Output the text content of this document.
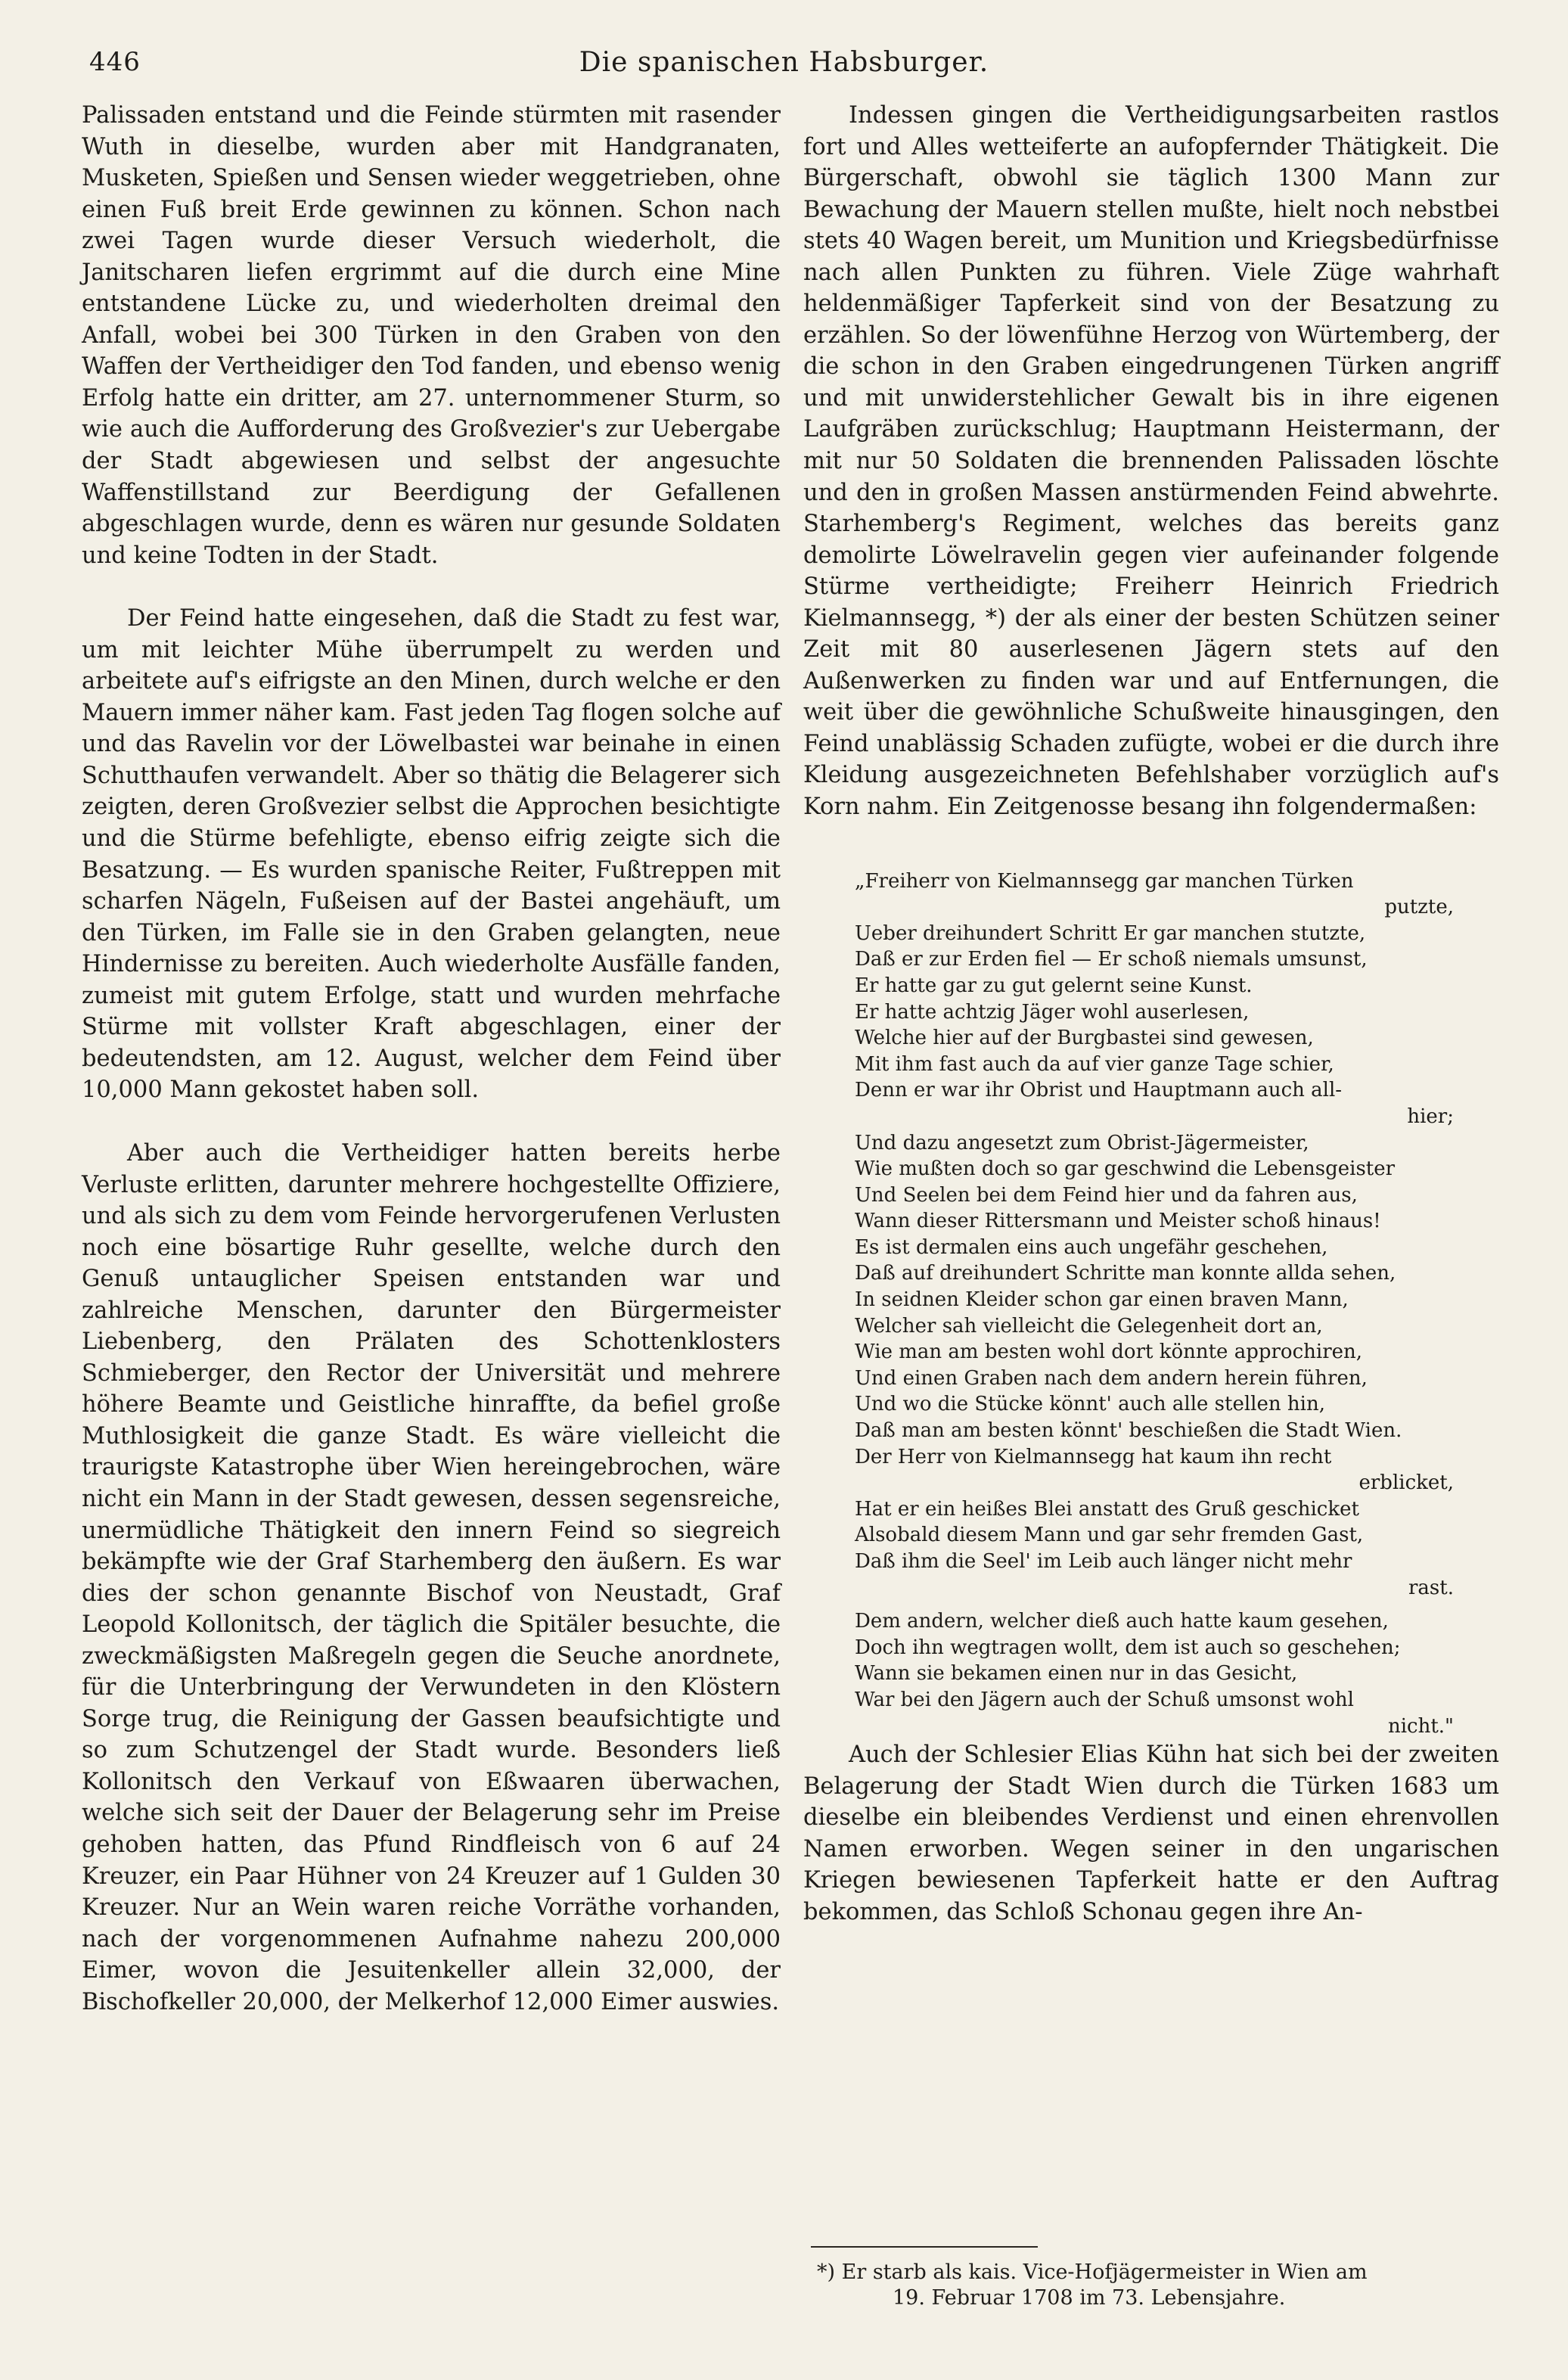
446	Die spanischen Habsburger.

Palissaden entstand und die Feinde stürmten mit rasender Wuth in dieselbe, wurden aber mit Handgranaten, Musketen, Spießen und Sensen wieder weggetrieben, ohne einen Fuß breit Erde gewinnen zu können. Schon nach zwei Tagen wurde dieser Versuch wiederholt, die Janitscharen liefen ergrimmt auf die durch eine Mine entstandene Lücke zu, und wiederholten dreimal den Anfall, wobei bei 300 Türken in den Graben von den Waffen der Vertheidiger den Tod fanden, und ebenso wenig Erfolg hatte ein dritter, am 27. unternommener Sturm, so wie auch die Aufforderung des Großvezier's zur Uebergabe der Stadt abgewiesen und selbst der angesuchte Waffenstillstand zur Beerdigung der Gefallenen abgeschlagen wurde, denn es wären nur gesunde Soldaten und keine Todten in der Stadt.

Der Feind hatte eingesehen, daß die Stadt zu fest war, um mit leichter Mühe überrumpelt zu werden und arbeitete auf's eifrigste an den Minen, durch welche er den Mauern immer näher kam. Fast jeden Tag flogen solche auf und das Ravelin vor der Löwelbastei war beinahe in einen Schutthaufen verwandelt. Aber so thätig die Belagerer sich zeigten, deren Großvezier selbst die Approchen besichtigte und die Stürme befehligte, ebenso eifrig zeigte sich die Besatzung. — Es wurden spanische Reiter, Fußtreppen mit scharfen Nägeln, Fußeisen auf der Bastei angehäuft, um den Türken, im Falle sie in den Graben gelangten, neue Hindernisse zu bereiten. Auch wiederholte Ausfälle fanden, zumeist mit gutem Erfolge, statt und wurden mehrfache Stürme mit vollster Kraft abgeschlagen, einer der bedeutendsten, am 12. August, welcher dem Feind über 10,000 Mann gekostet haben soll.

Aber auch die Vertheidiger hatten bereits herbe Verluste erlitten, darunter mehrere hochgestellte Offiziere, und als sich zu dem vom Feinde hervorgerufenen Verlusten noch eine bösartige Ruhr gesellte, welche durch den Genuß untauglicher Speisen entstanden war und zahlreiche Menschen, darunter den Bürgermeister Liebenberg, den Prälaten des Schottenklosters Schmieberger, den Rector der Universität und mehrere höhere Beamte und Geistliche hinraffte, da befiel große Muthlosigkeit die ganze Stadt. Es wäre vielleicht die traurigste Katastrophe über Wien hereingebrochen, wäre nicht ein Mann in der Stadt gewesen, dessen segensreiche, unermüdliche Thätigkeit den innern Feind so siegreich bekämpfte wie der Graf Starhemberg den äußern. Es war dies der schon genannte Bischof von Neustadt, Graf Leopold Kollonitsch, der täglich die Spitäler besuchte, die zweckmäßigsten Maßregeln gegen die Seuche anordnete, für die Unterbringung der Verwundeten in den Klöstern Sorge trug, die Reinigung der Gassen beaufsichtigte und so zum Schutzengel der Stadt wurde. Besonders ließ Kollonitsch den Verkauf von Eßwaaren überwachen, welche sich seit der Dauer der Belagerung sehr im Preise gehoben hatten, das Pfund Rindfleisch von 6 auf 24 Kreuzer, ein Paar Hühner von 24 Kreuzer auf 1 Gulden 30 Kreuzer. Nur an Wein waren reiche Vorräthe vorhanden, nach der vorgenommenen Aufnahme nahezu 200,000 Eimer, wovon die Jesuitenkeller allein 32,000, der Bischofkeller 20,000, der Melkerhof 12,000 Eimer auswies.

Indessen gingen die Vertheidigungsarbeiten rastlos fort und Alles wetteiferte an aufopfernder Thätigkeit. Die Bürgerschaft, obwohl sie täglich 1300 Mann zur Bewachung der Mauern stellen mußte, hielt noch nebstbei stets 40 Wagen bereit, um Munition und Kriegsbedürfnisse nach allen Punkten zu führen. Viele Züge wahrhaft heldenmäßiger Tapferkeit sind von der Besatzung zu erzählen. So der löwenfühne Herzog von Würtemberg, der die schon in den Graben eingedrungenen Türken angriff und mit unwiderstehlicher Gewalt bis in ihre eigenen Laufgräben zurückschlug; Hauptmann Heistermann, der mit nur 50 Soldaten die brennenden Palissaden löschte und den in großen Massen anstürmenden Feind abwehrte. Starhemberg's Regiment, welches das bereits ganz demolirte Löwelravelin gegen vier aufeinander folgende Stürme vertheidigte; Freiherr Heinrich Friedrich Kielmannsegg, *) der als einer der besten Schützen seiner Zeit mit 80 auserlesenen Jägern stets auf den Außenwerken zu finden war und auf Entfernungen, die weit über die gewöhnliche Schußweite hinausgingen, den Feind unablässig Schaden zufügte, wobei er die durch ihre Kleidung ausgezeichneten Befehlshaber vorzüglich auf's Korn nahm. Ein Zeitgenosse besang ihn folgendermaßen:

„Freiherr von Kielmannsegg gar manchen Türken
putzte,
Ueber dreihundert Schritt Er gar manchen stutzte,
Daß er zur Erden fiel — Er schoß niemals umsunst,
Er hatte gar zu gut gelernt seine Kunst.
Er hatte achtzig Jäger wohl auserlesen,
Welche hier auf der Burgbastei sind gewesen,
Mit ihm fast auch da auf vier ganze Tage schier,
Denn er war ihr Obrist und Hauptmann auch all-
hier;
Und dazu angesetzt zum Obrist-Jägermeister,
Wie mußten doch so gar geschwind die Lebensgeister
Und Seelen bei dem Feind hier und da fahren aus,
Wann dieser Rittersmann und Meister schoß hinaus!
Es ist dermalen eins auch ungefähr geschehen,
Daß auf dreihundert Schritte man konnte allda sehen,
In seidnen Kleider schon gar einen braven Mann,
Welcher sah vielleicht die Gelegenheit dort an,
Wie man am besten wohl dort könnte approchiren,
Und einen Graben nach dem andern herein führen,
Und wo die Stücke könnt' auch alle stellen hin,
Daß man am besten könnt' beschießen die Stadt Wien.
Der Herr von Kielmannsegg hat kaum ihn recht
erblicket,
Hat er ein heißes Blei anstatt des Gruß geschicket
Alsobald diesem Mann und gar sehr fremden Gast,
Daß ihm die Seel' im Leib auch länger nicht mehr
rast.
Dem andern, welcher dieß auch hatte kaum gesehen,
Doch ihn wegtragen wollt, dem ist auch so geschehen;
Wann sie bekamen einen nur in das Gesicht,
War bei den Jägern auch der Schuß umsonst wohl
nicht."

Auch der Schlesier Elias Kühn hat sich bei der zweiten Belagerung der Stadt Wien durch die Türken 1683 um dieselbe ein bleibendes Verdienst und einen ehrenvollen Namen erworben. Wegen seiner in den ungarischen Kriegen bewiesenen Tapferkeit hatte er den Auftrag bekommen, das Schloß Schonau gegen ihre An-

*) Er starb als kais. Vice-Hofjägermeister in Wien am
19. Februar 1708 im 73. Lebensjahre.
